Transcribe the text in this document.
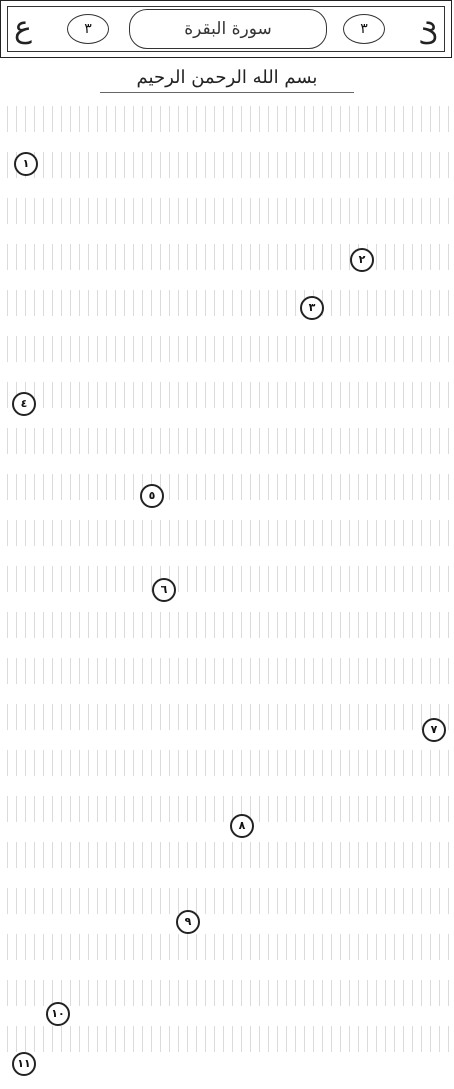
ع	٣	سورة البقرة	٣	ع
بسم الله الرحمن الرحيم
١
٢
٣
٤
٥
٦
٧
٨
٩
١٠
١١
